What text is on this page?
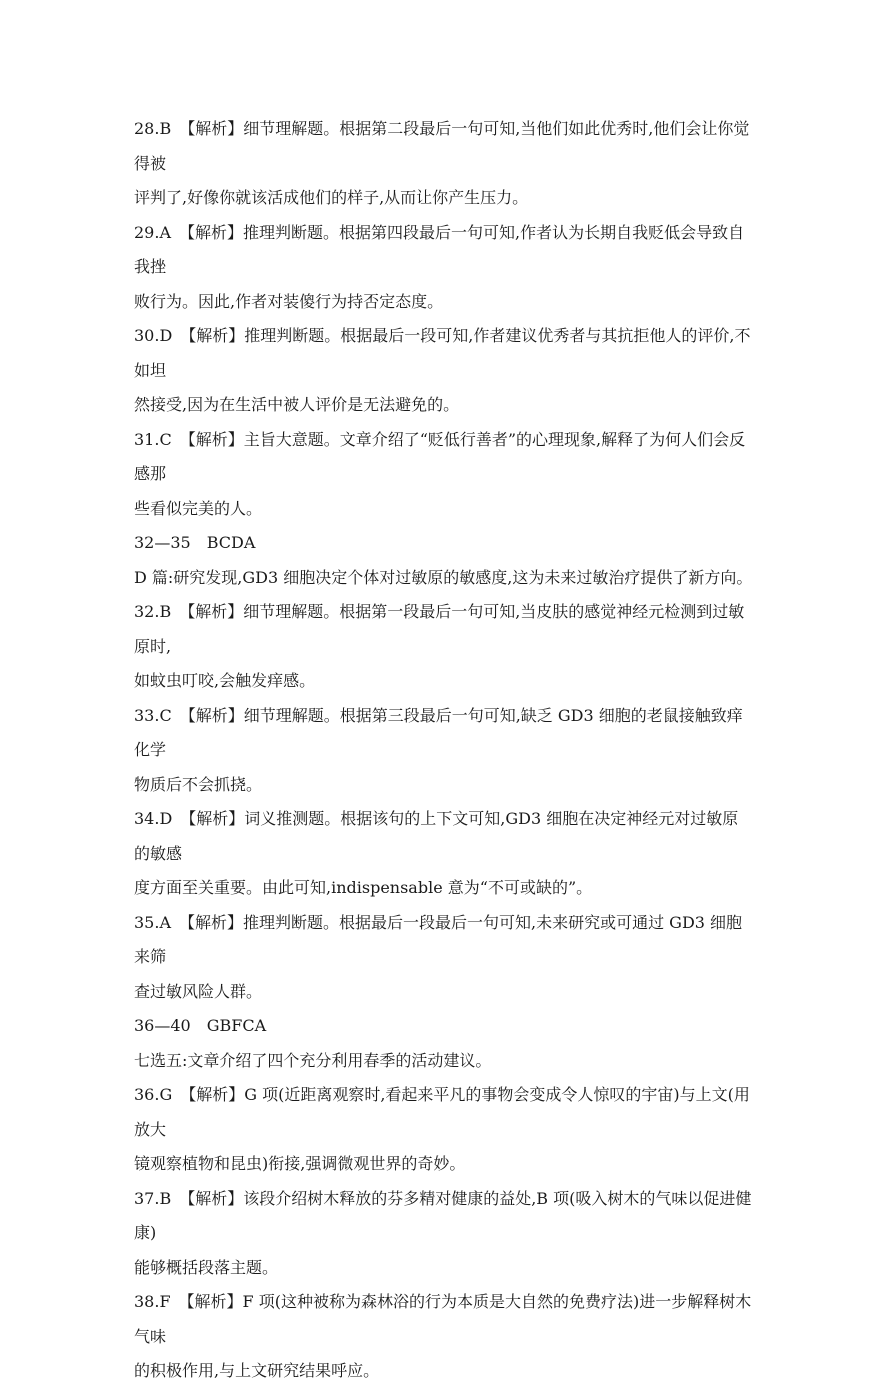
28.B　【解析】细节理解题。根据第二段最后一句可知,当他们如此优秀时,他们会让你觉得被
评判了,好像你就该活成他们的样子,从而让你产生压力。

29.A　【解析】推理判断题。根据第四段最后一句可知,作者认为长期自我贬低会导致自我挫
败行为。因此,作者对装傻行为持否定态度。

30.D　【解析】推理判断题。根据最后一段可知,作者建议优秀者与其抗拒他人的评价,不如坦
然接受,因为在生活中被人评价是无法避免的。

31.C　【解析】主旨大意题。文章介绍了“贬低行善者”的心理现象,解释了为何人们会反感那
些看似完美的人。

32—35　BCDA

D 篇:研究发现,GD3 细胞决定个体对过敏原的敏感度,这为未来过敏治疗提供了新方向。

32.B　【解析】细节理解题。根据第一段最后一句可知,当皮肤的感觉神经元检测到过敏原时,
如蚊虫叮咬,会触发痒感。

33.C　【解析】细节理解题。根据第三段最后一句可知,缺乏 GD3 细胞的老鼠接触致痒化学
物质后不会抓挠。

34.D　【解析】词义推测题。根据该句的上下文可知,GD3 细胞在决定神经元对过敏原的敏感
度方面至关重要。由此可知,indispensable 意为“不可或缺的”。

35.A　【解析】推理判断题。根据最后一段最后一句可知,未来研究或可通过 GD3 细胞来筛
查过敏风险人群。

36—40　GBFCA

七选五:文章介绍了四个充分利用春季的活动建议。

36.G　【解析】G 项(近距离观察时,看起来平凡的事物会变成令人惊叹的宇宙)与上文(用放大
镜观察植物和昆虫)衔接,强调微观世界的奇妙。

37.B　【解析】该段介绍树木释放的芬多精对健康的益处,B 项(吸入树木的气味以促进健康)
能够概括段落主题。

38.F　【解析】F 项(这种被称为森林浴的行为本质是大自然的免费疗法)进一步解释树木气味
的积极作用,与上文研究结果呼应。
